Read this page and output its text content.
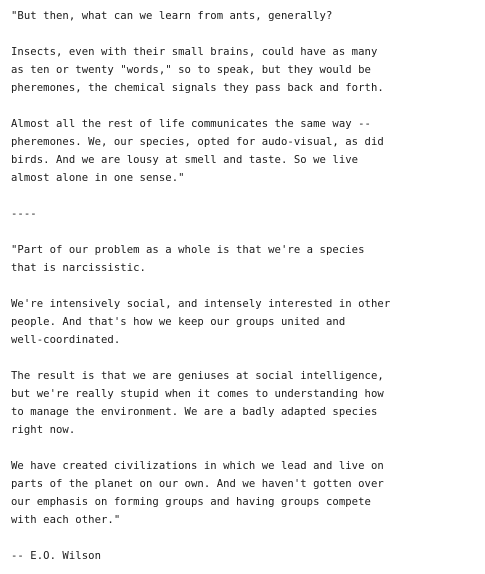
"But then, what can we learn from ants, generally?

Insects, even with their small brains, could have as many
as ten or twenty "words," so to speak, but they would be
pheremones, the chemical signals they pass back and forth.

Almost all the rest of life communicates the same way --
pheremones. We, our species, opted for audo-visual, as did
birds. And we are lousy at smell and taste. So we live
almost alone in one sense."

----

"Part of our problem as a whole is that we're a species
that is narcissistic.

We're intensively social, and intensely interested in other
people. And that's how we keep our groups united and
well-coordinated.

The result is that we are geniuses at social intelligence,
but we're really stupid when it comes to understanding how
to manage the environment. We are a badly adapted species
right now.

We have created civilizations in which we lead and live on
parts of the planet on our own. And we haven't gotten over
our emphasis on forming groups and having groups compete
with each other."

-- E.O. Wilson
